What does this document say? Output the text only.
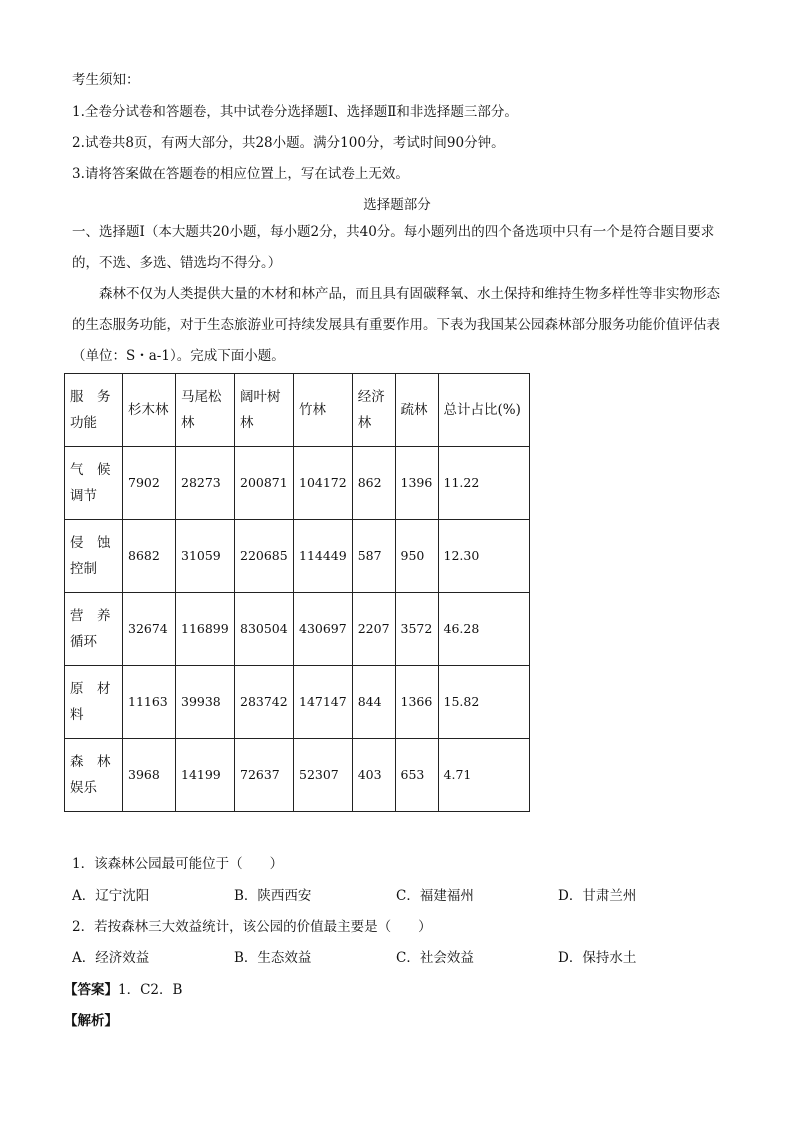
考生须知：
1.全卷分试卷和答题卷，其中试卷分选择题Ⅰ、选择题Ⅱ和非选择题三部分。
2.试卷共8页，有两大部分，共28小题。满分100分，考试时间90分钟。
3.请将答案做在答题卷的相应位置上，写在试卷上无效。
选择题部分
一、选择题Ⅰ（本大题共20小题，每小题2分，共40分。每小题列出的四个备选项中只有一个是符合题目要求的，不选、多选、错选均不得分。）
森林不仅为人类提供大量的木材和林产品，而且具有固碳释氧、水土保持和维持生物多样性等非实物形态的生态服务功能，对于生态旅游业可持续发展具有重要作用。下表为我国某公园森林部分服务功能价值评估表（单位：S・a-1）。完成下面小题。
服　务功能	杉木林	马尾松林	阔叶树林	竹林	经济林	疏林	总计占比(%)
气　候调节	7902	28273	200871	104172	862	1396	11.22
侵　蚀控制	8682	31059	220685	114449	587	950	12.30
营　养循环	32674	116899	830504	430697	2207	3572	46.28
原　材料	11163	39938	283742	147147	844	1366	15.82
森　林娱乐	3968	14199	72637	52307	403	653	4.71
1．该森林公园最可能位于（　　）
A．辽宁沈阳	B．陕西西安	C．福建福州	D．甘肃兰州
2．若按森林三大效益统计，该公园的价值最主要是（　　）
A．经济效益	B．生态效益	C．社会效益	D．保持水土
【答案】1．C2．B
【解析】
